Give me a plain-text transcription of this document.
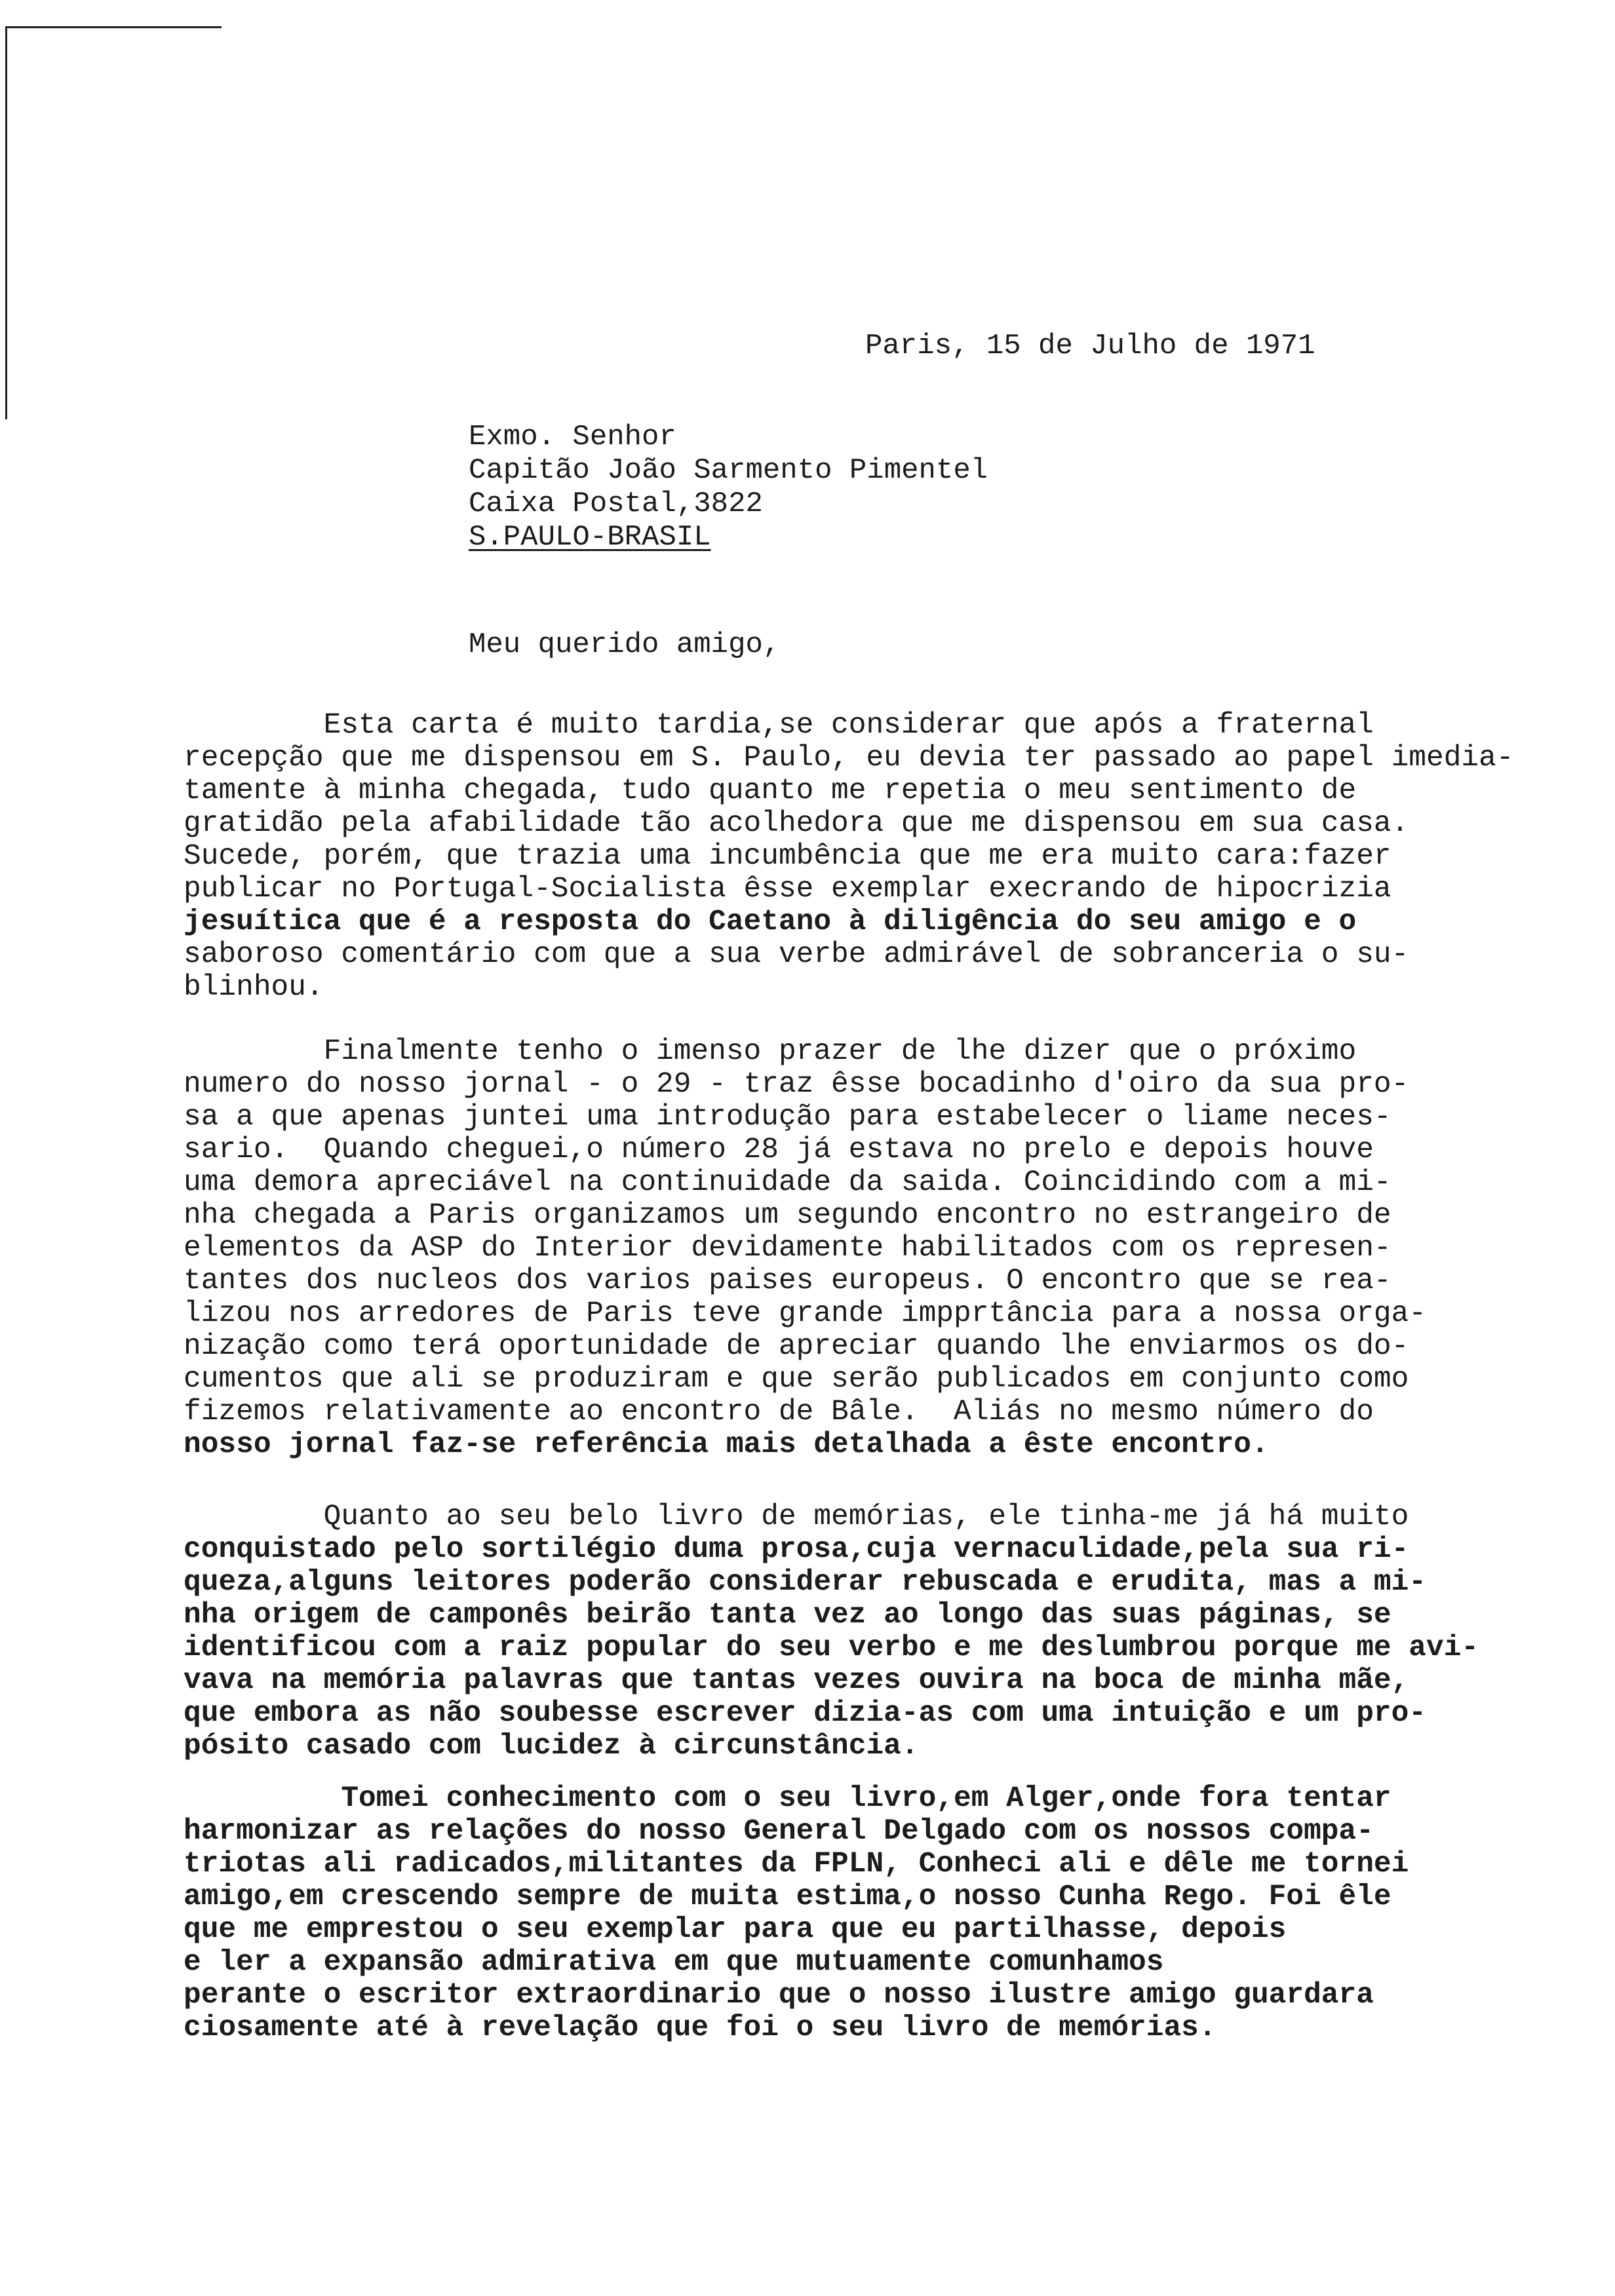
Paris, 15 de Julho de 1971
Exmo. Senhor
Capitão João Sarmento Pimentel
Caixa Postal,3822
S.PAULO-BRASIL
Meu querido amigo,
Esta carta é muito tardia,se considerar que após a fraternal
recepção que me dispensou em S. Paulo, eu devia ter passado ao papel imedia-
tamente à minha chegada, tudo quanto me repetia o meu sentimento de
gratidão pela afabilidade tão acolhedora que me dispensou em sua casa.
Sucede, porém, que trazia uma incumbência que me era muito cara:fazer
publicar no Portugal-Socialista êsse exemplar execrando de hipocrizia
jesuítica que é a resposta do Caetano à diligência do seu amigo e o
saboroso comentário com que a sua verbe admirável de sobranceria o su-
blinhou.
Finalmente tenho o imenso prazer de lhe dizer que o próximo
numero do nosso jornal - o 29 - traz êsse bocadinho d'oiro da sua pro-
sa a que apenas juntei uma introdução para estabelecer o liame neces-
sario.  Quando cheguei,o número 28 já estava no prelo e depois houve
uma demora apreciável na continuidade da saida. Coincidindo com a mi-
nha chegada a Paris organizamos um segundo encontro no estrangeiro de
elementos da ASP do Interior devidamente habilitados com os represen-
tantes dos nucleos dos varios paises europeus. O encontro que se rea-
lizou nos arredores de Paris teve grande impprtância para a nossa orga-
nização como terá oportunidade de apreciar quando lhe enviarmos os do-
cumentos que ali se produziram e que serão publicados em conjunto como
fizemos relativamente ao encontro de Bâle.  Aliás no mesmo número do
nosso jornal faz-se referência mais detalhada a êste encontro.
Quanto ao seu belo livro de memórias, ele tinha-me já há muito
conquistado pelo sortilégio duma prosa,cuja vernaculidade,pela sua ri-
queza,alguns leitores poderão considerar rebuscada e erudita, mas a mi-
nha origem de camponês beirão tanta vez ao longo das suas páginas, se
identificou com a raiz popular do seu verbo e me deslumbrou porque me avi-
vava na memória palavras que tantas vezes ouvira na boca de minha mãe,
que embora as não soubesse escrever dizia-as com uma intuição e um pro-
pósito casado com lucidez à circunstância.
Tomei conhecimento com o seu livro,em Alger,onde fora tentar
harmonizar as relações do nosso General Delgado com os nossos compa-
triotas ali radicados,militantes da FPLN, Conheci ali e dêle me tornei
amigo,em crescendo sempre de muita estima,o nosso Cunha Rego. Foi êle
que me emprestou o seu exemplar para que eu partilhasse, depois
e ler a expansão admirativa em que mutuamente comunhamos
perante o escritor extraordinario que o nosso ilustre amigo guardara
ciosamente até à revelação que foi o seu livro de memórias.
